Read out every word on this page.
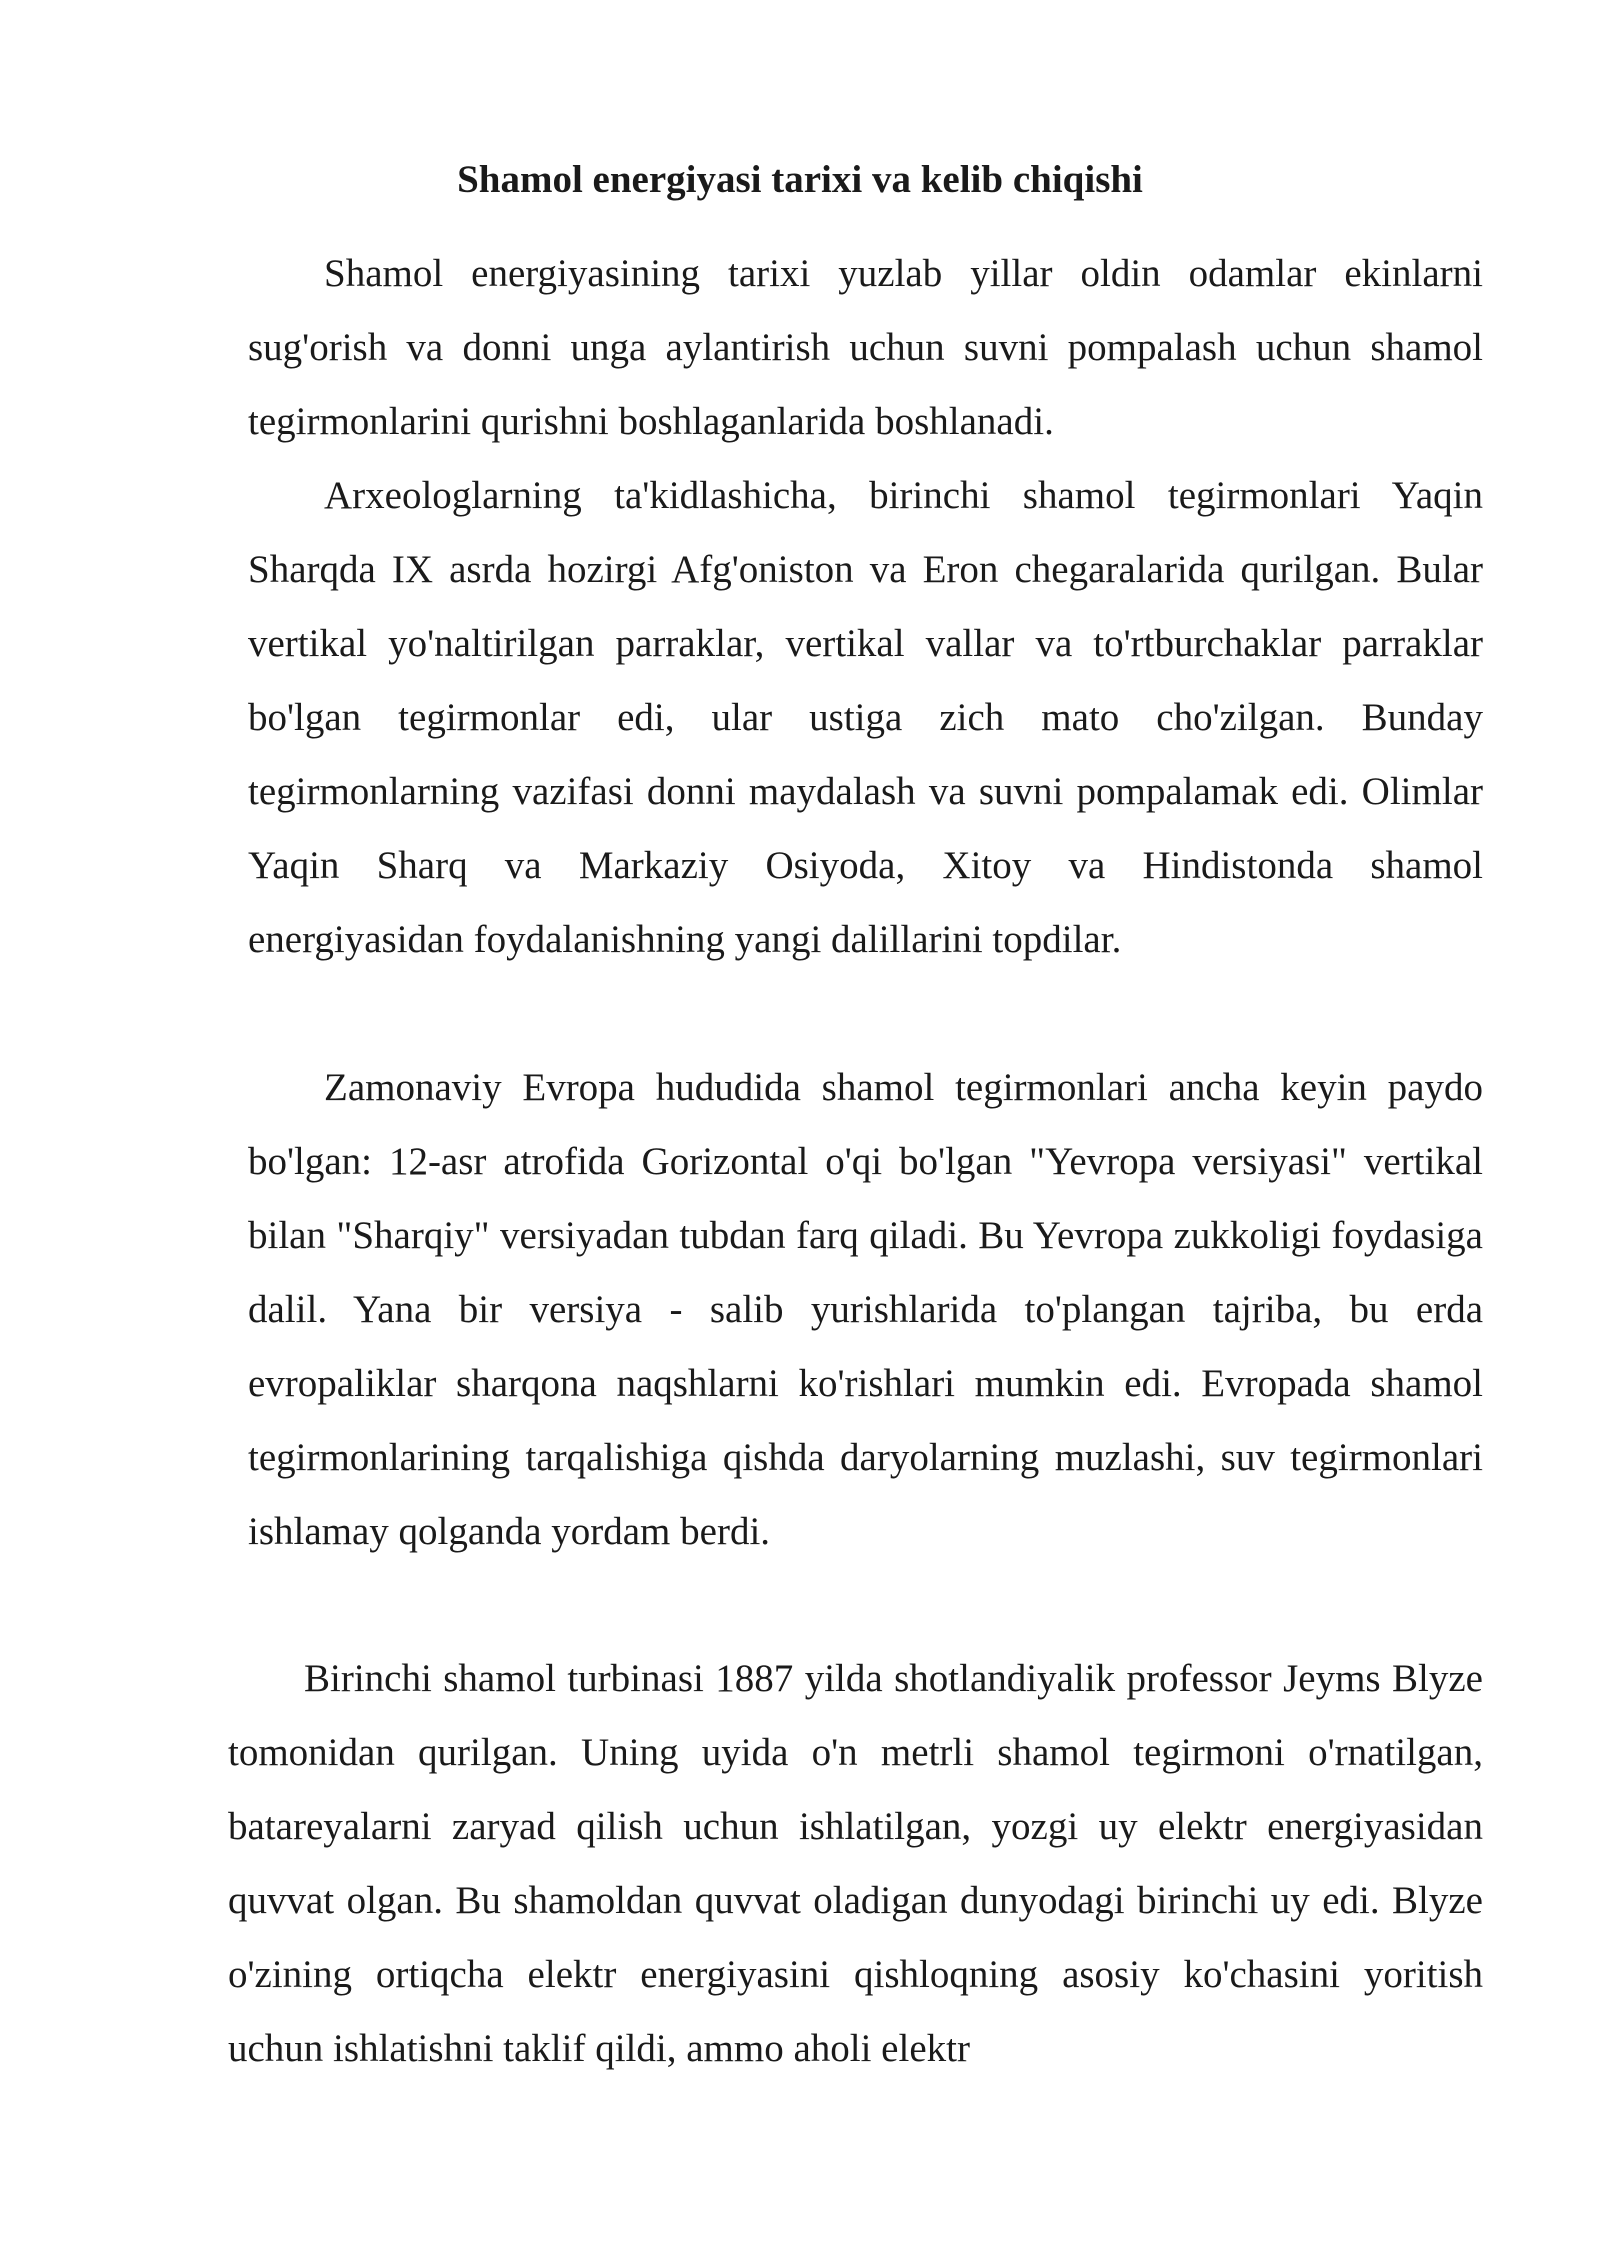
Shamol energiyasi tarixi va kelib chiqishi

Shamol energiyasining tarixi yuzlab yillar oldin odamlar ekinlarni sug'orish va donni unga aylantirish uchun suvni pompalash uchun shamol tegirmonlarini qurishni boshlaganlarida boshlanadi.

Arxeologlarning ta'kidlashicha, birinchi shamol tegirmonlari Yaqin Sharqda IX asrda hozirgi Afg'oniston va Eron chegaralarida qurilgan. Bular vertikal yo'naltirilgan parraklar, vertikal vallar va to'rtburchaklar parraklar bo'lgan tegirmonlar edi, ular ustiga zich mato cho'zilgan. Bunday tegirmonlarning vazifasi donni maydalash va suvni pompalamak edi. Olimlar Yaqin Sharq va Markaziy Osiyoda, Xitoy va Hindistonda shamol energiyasidan foydalanishning yangi dalillarini topdilar.

Zamonaviy Evropa hududida shamol tegirmonlari ancha keyin paydo bo'lgan: 12-asr atrofida Gorizontal o'qi bo'lgan "Yevropa versiyasi" vertikal bilan "Sharqiy" versiyadan tubdan farq qiladi. Bu Yevropa zukkoligi foydasiga dalil. Yana bir versiya - salib yurishlarida to'plangan tajriba, bu erda evropaliklar sharqona naqshlarni ko'rishlari mumkin edi. Evropada shamol tegirmonlarining tarqalishiga qishda daryolarning muzlashi, suv tegirmonlari ishlamay qolganda yordam berdi.

Birinchi shamol turbinasi 1887 yilda shotlandiyalik professor Jeyms Blyze tomonidan qurilgan. Uning uyida o'n metrli shamol tegirmoni o'rnatilgan, batareyalarni zaryad qilish uchun ishlatilgan, yozgi uy elektr energiyasidan quvvat olgan. Bu shamoldan quvvat oladigan dunyodagi birinchi uy edi. Blyze o'zining ortiqcha elektr energiyasini qishloqning asosiy ko'chasini yoritish uchun ishlatishni taklif qildi, ammo aholi elektr
